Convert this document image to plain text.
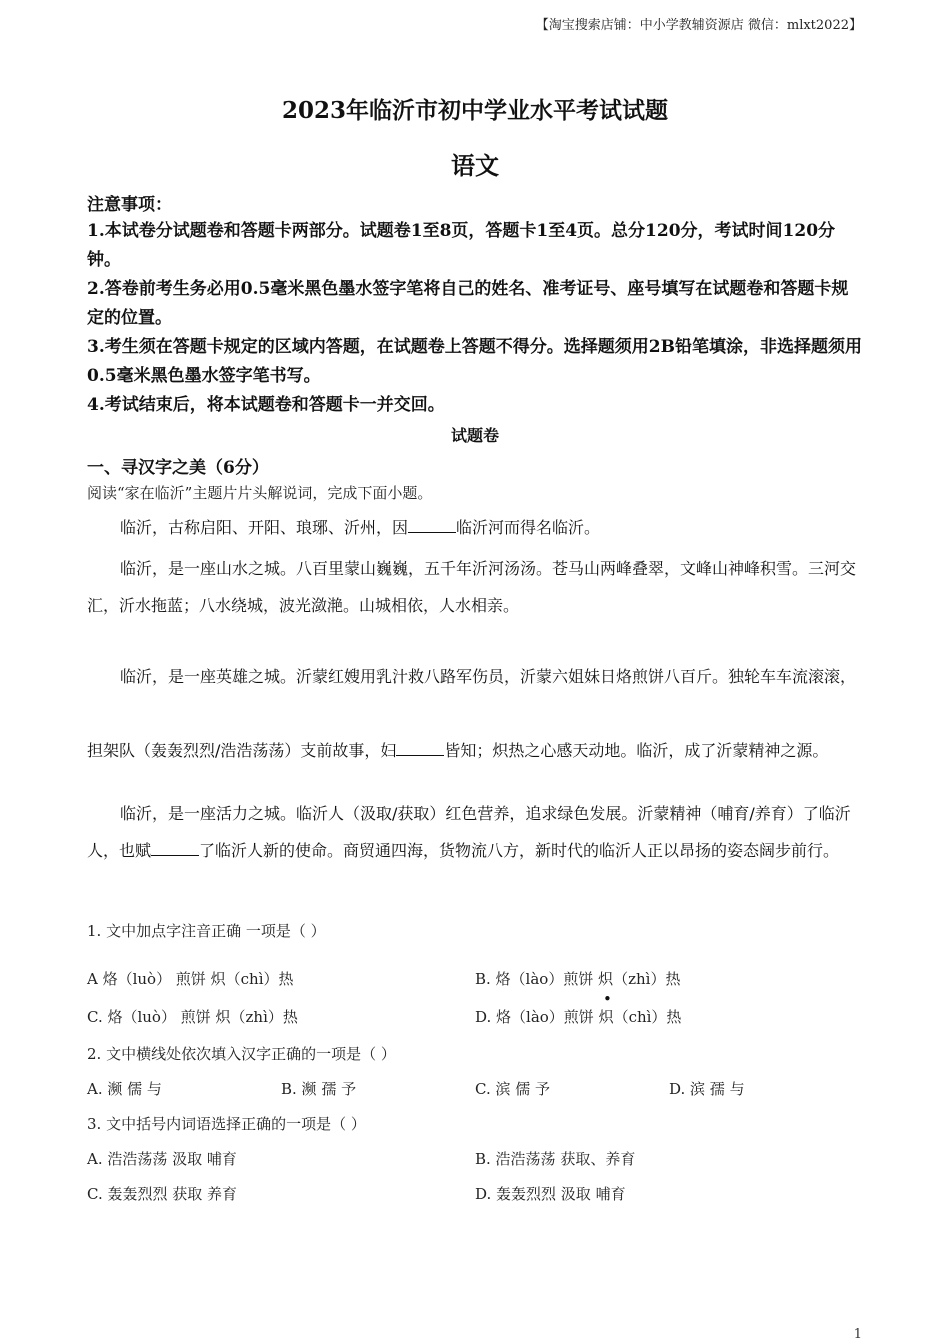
【淘宝搜索店铺：中小学教辅资源店 微信：mlxt2022】
2023年临沂市初中学业水平考试试题
语文
注意事项：
1.本试卷分试题卷和答题卡两部分。试题卷1至8页，答题卡1至4页。总分120分，考试时间120分钟。
2.答卷前考生务必用0.5毫米黑色墨水签字笔将自己的姓名、准考证号、座号填写在试题卷和答题卡规定的位置。
3.考生须在答题卡规定的区域内答题，在试题卷上答题不得分。选择题须用2B铅笔填涂，非选择题须用0.5毫米黑色墨水签字笔书写。
4.考试结束后，将本试题卷和答题卡一并交回。
试题卷
一、寻汉字之美（6分）
阅读“家在临沂”主题片片头解说词，完成下面小题。
临沂，古称启阳、开阳、琅琊、沂州，因	临沂河而得名临沂。
临沂，是一座山水之城。八百里蒙山巍巍，五千年沂河汤汤。苍马山两峰叠翠，文峰山神峰积雪。三河交汇，沂水拖蓝；八水绕城，波光潋滟。山城相依，人水相亲。
临沂，是一座英雄之城。沂蒙红嫂用乳汁救八路军伤员，沂蒙六姐妹日烙煎饼八百斤。独轮车车流滚滚，担架队（轰轰烈烈/浩浩荡荡）支前故事，妇	皆知；炽热之心感天动地。临沂，成了沂蒙精神之源。
临沂，是一座活力之城。临沂人（汲取/获取）红色营养，追求绿色发展。沂蒙精神（哺育/养育）了临沂人，也赋	了临沂人新的使命。商贸通四海，货物流八方，新时代的临沂人正以昂扬的姿态阔步前行。
1. 文中加点字注音正确 一项是（ ）
A 烙（luò） 煎饼 炽（chì）热	B. 烙（lào）煎饼 炽（zhì）热
C. 烙（luò） 煎饼 炽（zhì）热	D. 烙（lào）煎饼 炽（chì）热
•
2. 文中横线处依次填入汉字正确的一项是（ ）
A. 濒 儒 与	B. 濒 孺 予	C. 滨 儒 予	D. 滨 孺 与
3. 文中括号内词语选择正确的一项是（ ）
A. 浩浩荡荡 汲取 哺育	B. 浩浩荡荡 获取、养育
C. 轰轰烈烈 获取 养育	D. 轰轰烈烈 汲取 哺育
1
